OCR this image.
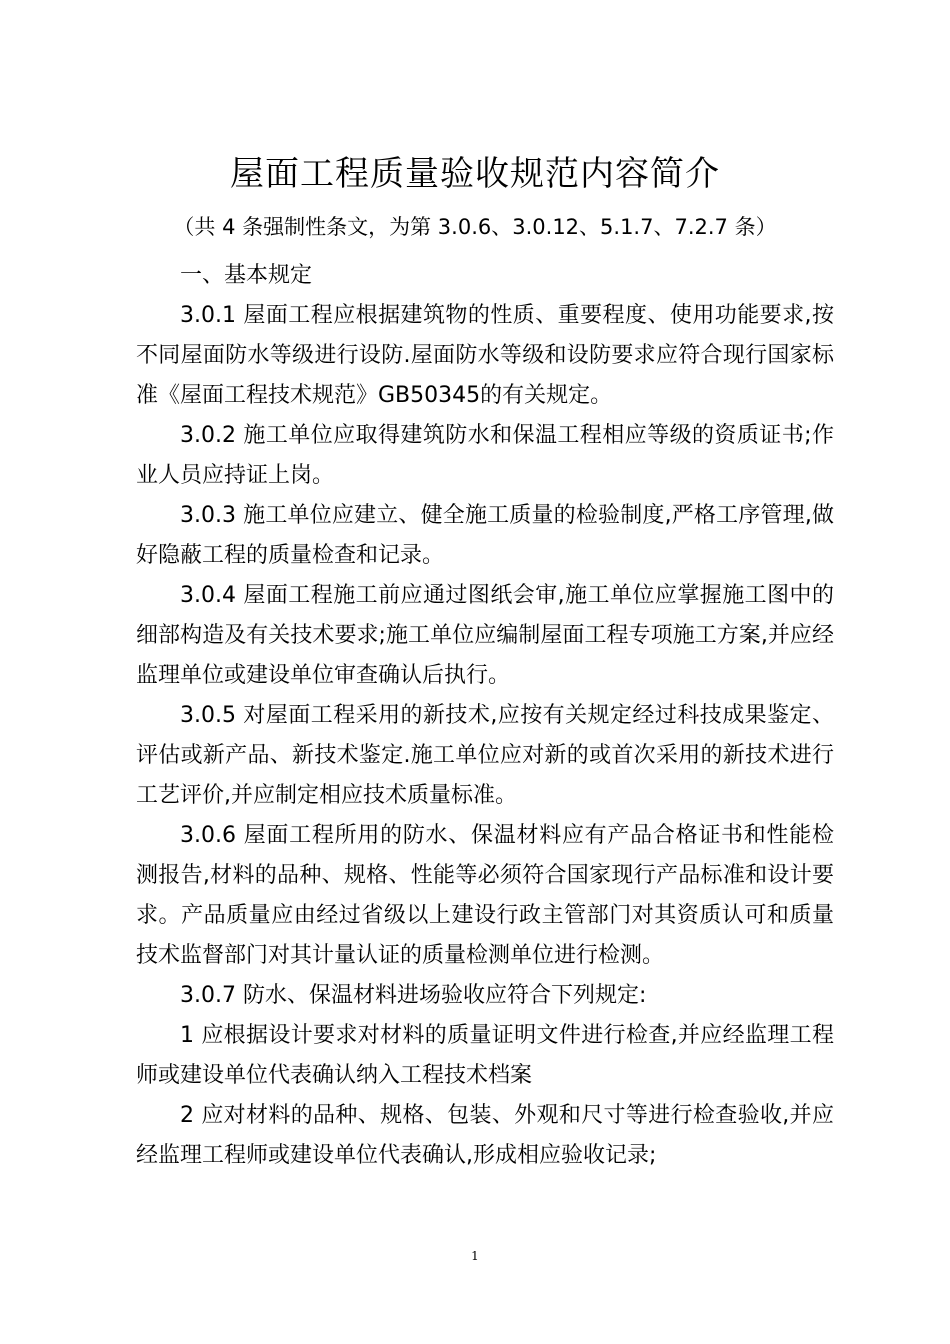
屋面工程质量验收规范内容简介
（共 4 条强制性条文，为第 3.0.6、3.0.12、5.1.7、7.2.7 条）

一、基本规定

3.0.1 屋面工程应根据建筑物的性质、重要程度、使用功能要求,按不同屋面防水等级进行设防.屋面防水等级和设防要求应符合现行国家标准《屋面工程技术规范》GB50345的有关规定。

3.0.2 施工单位应取得建筑防水和保温工程相应等级的资质证书;作业人员应持证上岗。

3.0.3 施工单位应建立、健全施工质量的检验制度,严格工序管理,做好隐蔽工程的质量检查和记录。

3.0.4 屋面工程施工前应通过图纸会审,施工单位应掌握施工图中的细部构造及有关技术要求;施工单位应编制屋面工程专项施工方案,并应经监理单位或建设单位审查确认后执行。

3.0.5 对屋面工程采用的新技术,应按有关规定经过科技成果鉴定、评估或新产品、新技术鉴定.施工单位应对新的或首次采用的新技术进行工艺评价,并应制定相应技术质量标准。

3.0.6 屋面工程所用的防水、保温材料应有产品合格证书和性能检测报告,材料的品种、规格、性能等必须符合国家现行产品标准和设计要求。产品质量应由经过省级以上建设行政主管部门对其资质认可和质量技术监督部门对其计量认证的质量检测单位进行检测。

3.0.7 防水、保温材料进场验收应符合下列规定:

1 应根据设计要求对材料的质量证明文件进行检查,并应经监理工程师或建设单位代表确认纳入工程技术档案

2 应对材料的品种、规格、包装、外观和尺寸等进行检查验收,并应经监理工程师或建设单位代表确认,形成相应验收记录;

1
